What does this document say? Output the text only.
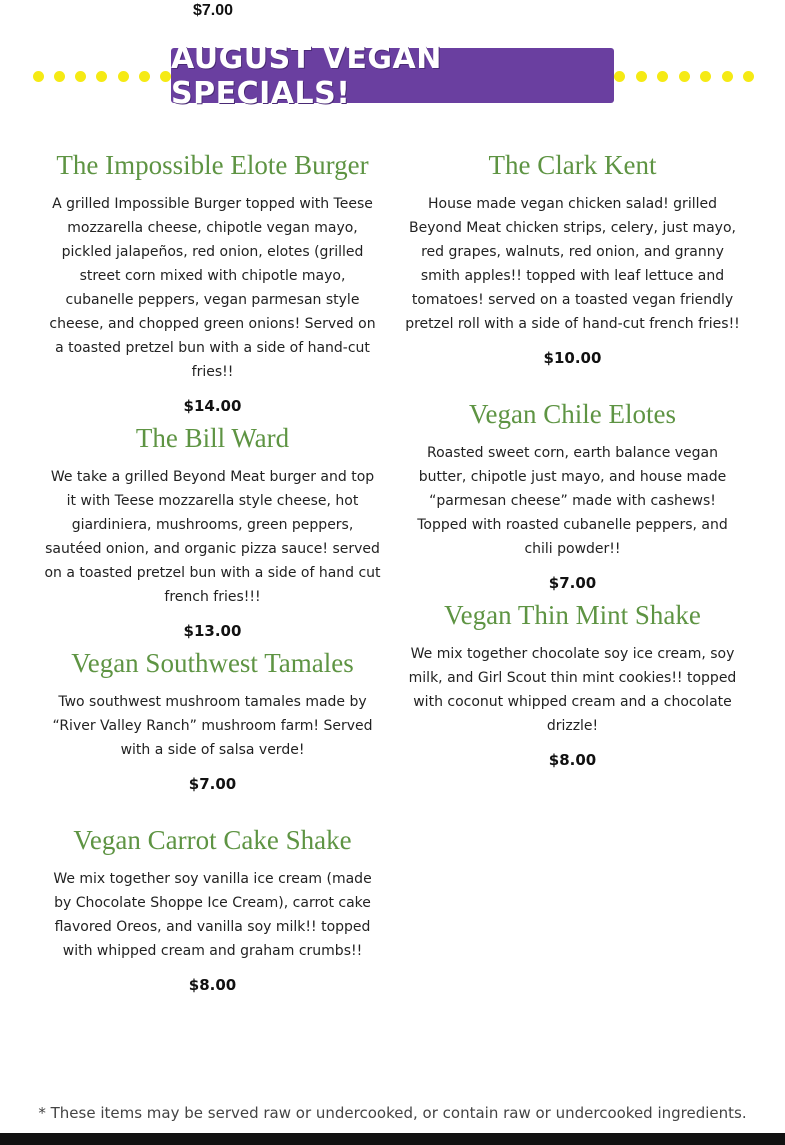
$7.00
AUGUST VEGAN SPECIALS!
The Impossible Elote Burger
A grilled Impossible Burger topped with Teese mozzarella cheese, chipotle vegan mayo, pickled jalapeños, red onion, elotes (grilled street corn mixed with chipotle mayo, cubanelle peppers, vegan parmesan style cheese, and chopped green onions! Served on a toasted pretzel bun with a side of hand-cut fries!!
$14.00
The Bill Ward
We take a grilled Beyond Meat burger and top it with Teese mozzarella style cheese, hot giardiniera, mushrooms, green peppers, sautéed onion, and organic pizza sauce! served on a toasted pretzel bun with a side of hand cut french fries!!!
$13.00
Vegan Southwest Tamales
Two southwest mushroom tamales made by “River Valley Ranch” mushroom farm! Served with a side of salsa verde!
$7.00
Vegan Carrot Cake Shake
We mix together soy vanilla ice cream (made by Chocolate Shoppe Ice Cream), carrot cake flavored Oreos, and vanilla soy milk!! topped with whipped cream and graham crumbs!!
$8.00
The Clark Kent
House made vegan chicken salad! grilled Beyond Meat chicken strips, celery, just mayo, red grapes, walnuts, red onion, and granny smith apples!! topped with leaf lettuce and tomatoes! served on a toasted vegan friendly pretzel roll with a side of hand-cut french fries!!
$10.00
Vegan Chile Elotes
Roasted sweet corn, earth balance vegan butter, chipotle just mayo, and house made “parmesan cheese” made with cashews! Topped with roasted cubanelle peppers, and chili powder!!
$7.00
Vegan Thin Mint Shake
We mix together chocolate soy ice cream, soy milk, and Girl Scout thin mint cookies!! topped with coconut whipped cream and a chocolate drizzle!
$8.00
* These items may be served raw or undercooked, or contain raw or undercooked ingredients.
